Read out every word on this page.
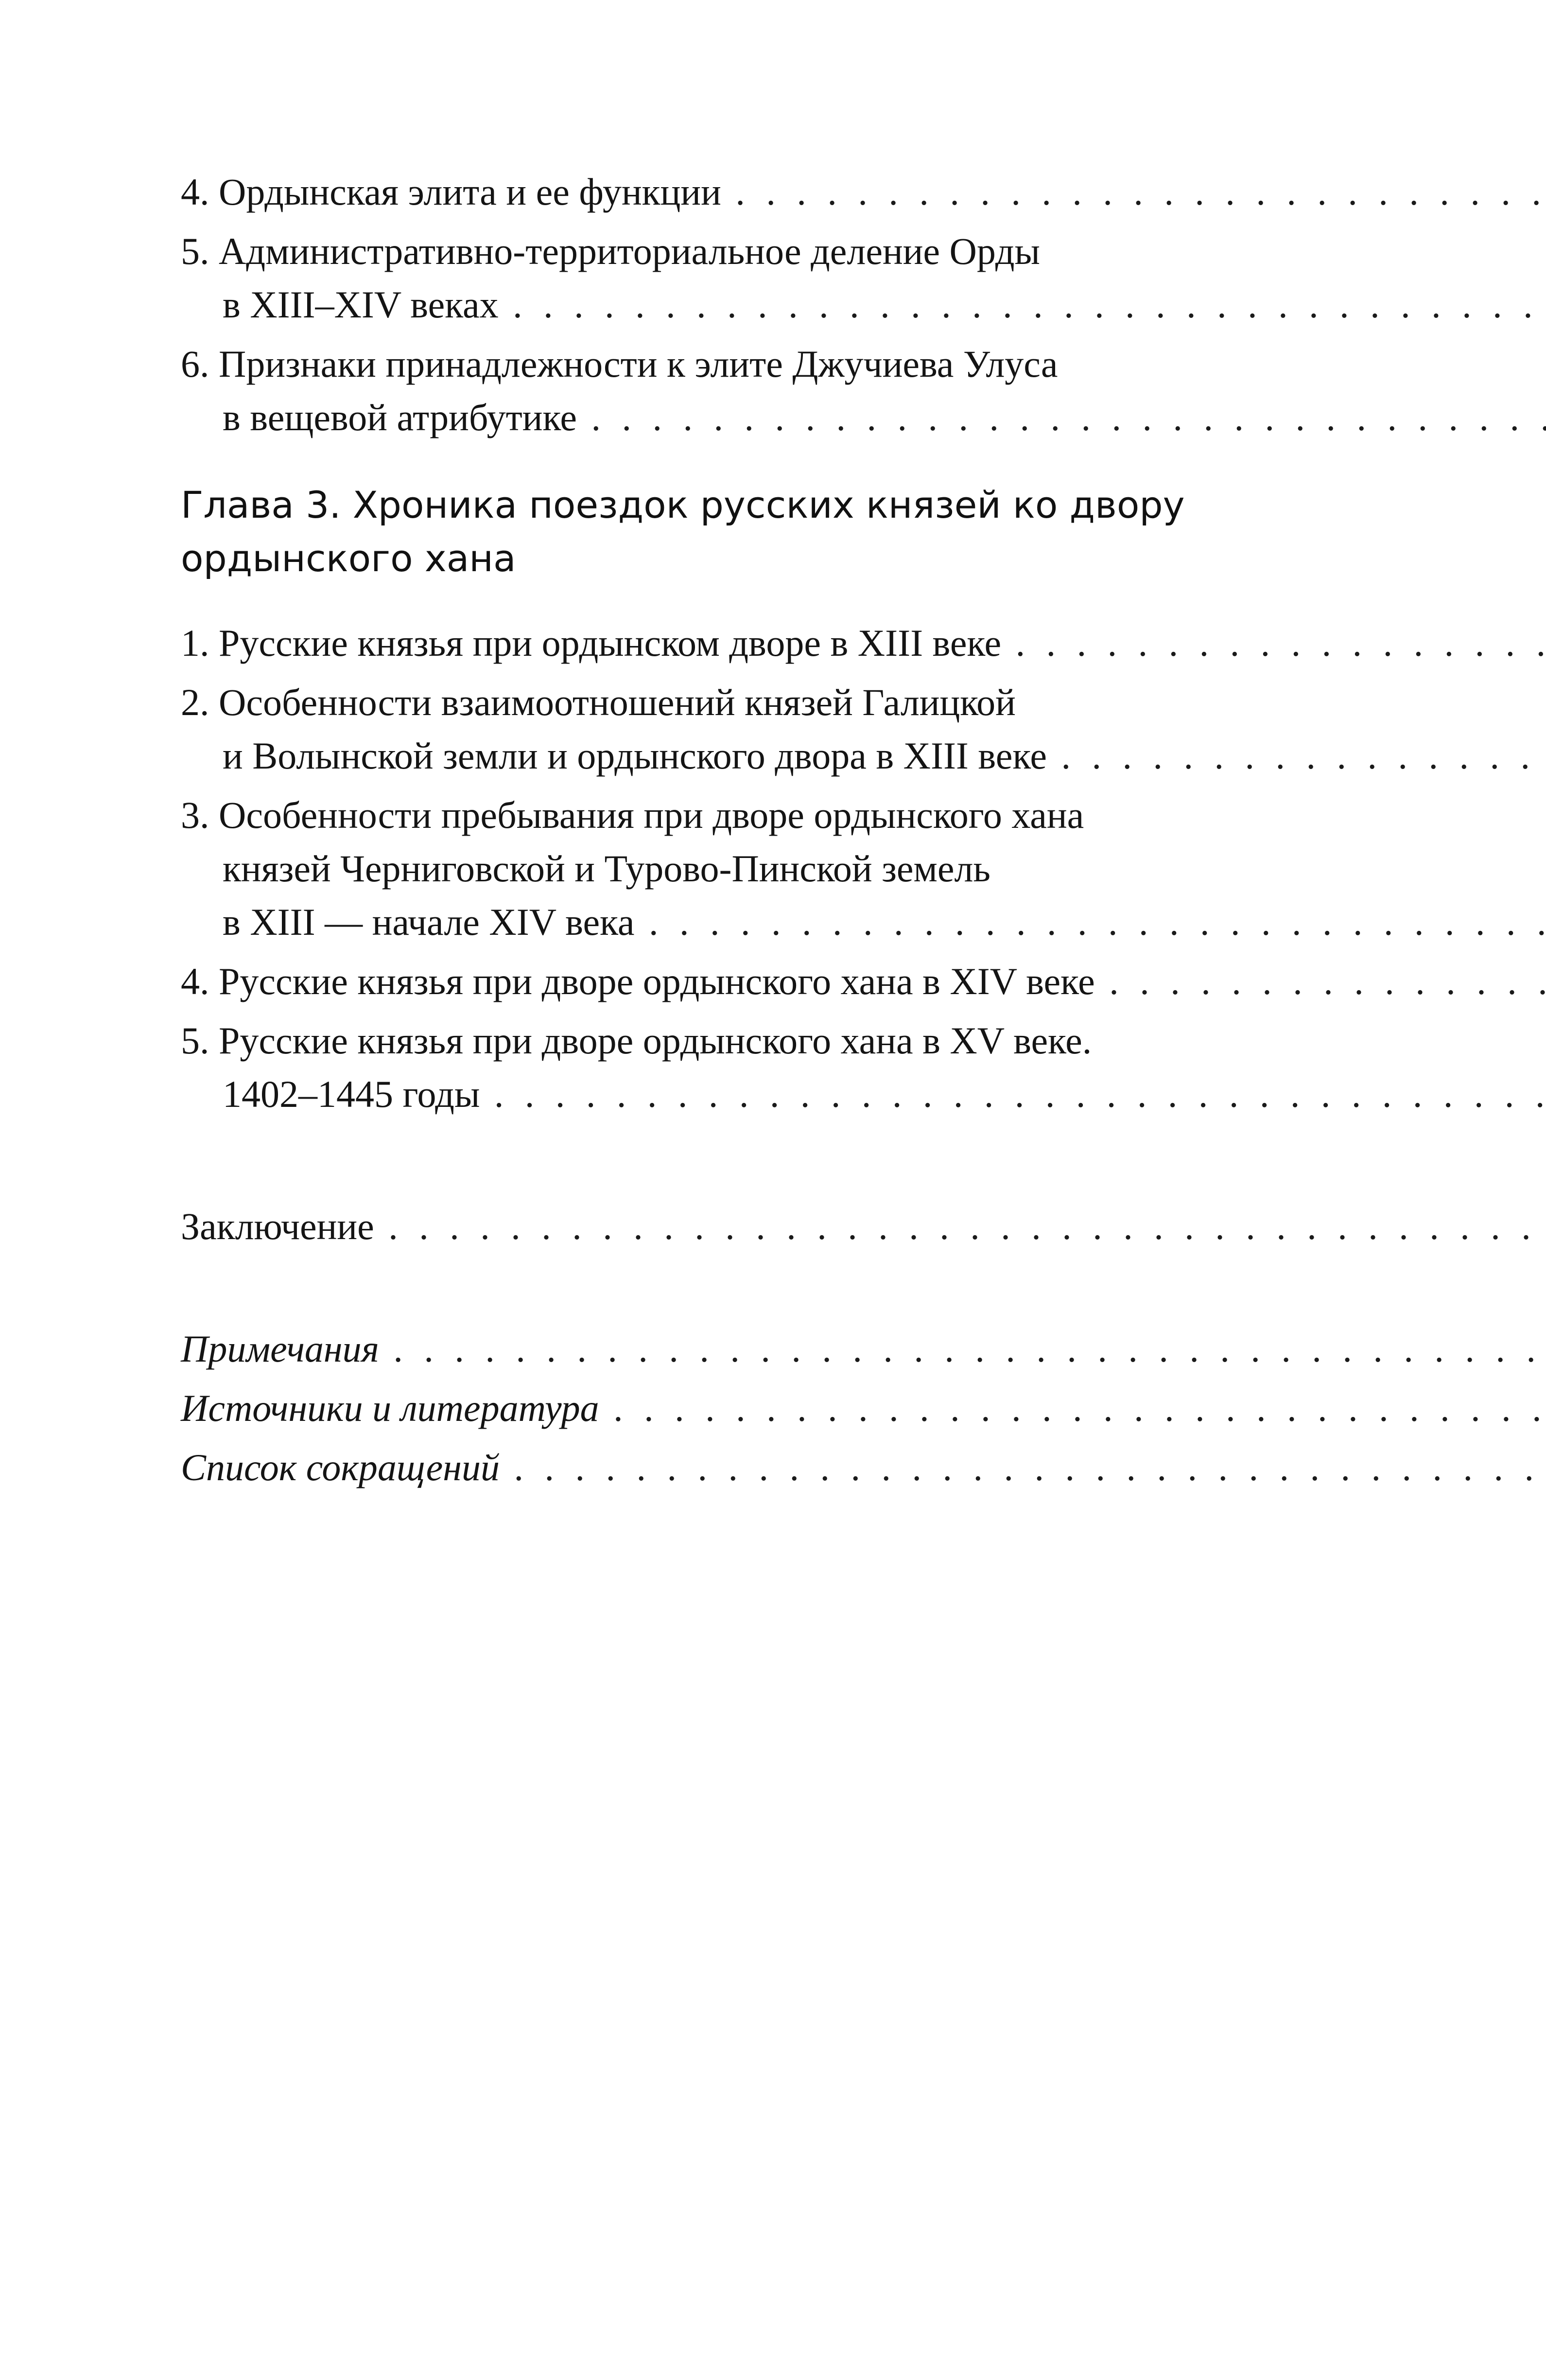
4. Ордынская элита и ее функции . . .
5. Административно-территориальное деление Орды
в XIII–XIV веках . . .
6. Признаки принадлежности к элите Джучиева Улуса
в вещевой атрибутике . . .
Глава 3. Хроника поездок русских князей ко двору
ордынского хана
1. Русские князья при ордынском дворе в XIII веке . . .
2. Особенности взаимоотношений князей Галицкой
и Волынской земли и ордынского двора в XIII веке . . .
3. Особенности пребывания при дворе ордынского хана
князей Черниговской и Турово-Пинской земель
в XIII — начале XIV века . . .
4. Русские князья при дворе ордынского хана в XIV веке . . .
5. Русские князья при дворе ордынского хана в XV веке.
1402–1445 годы . . .
Заключение . . .
Примечания . . .
Источники и литература . . .
Список сокращений . . .
